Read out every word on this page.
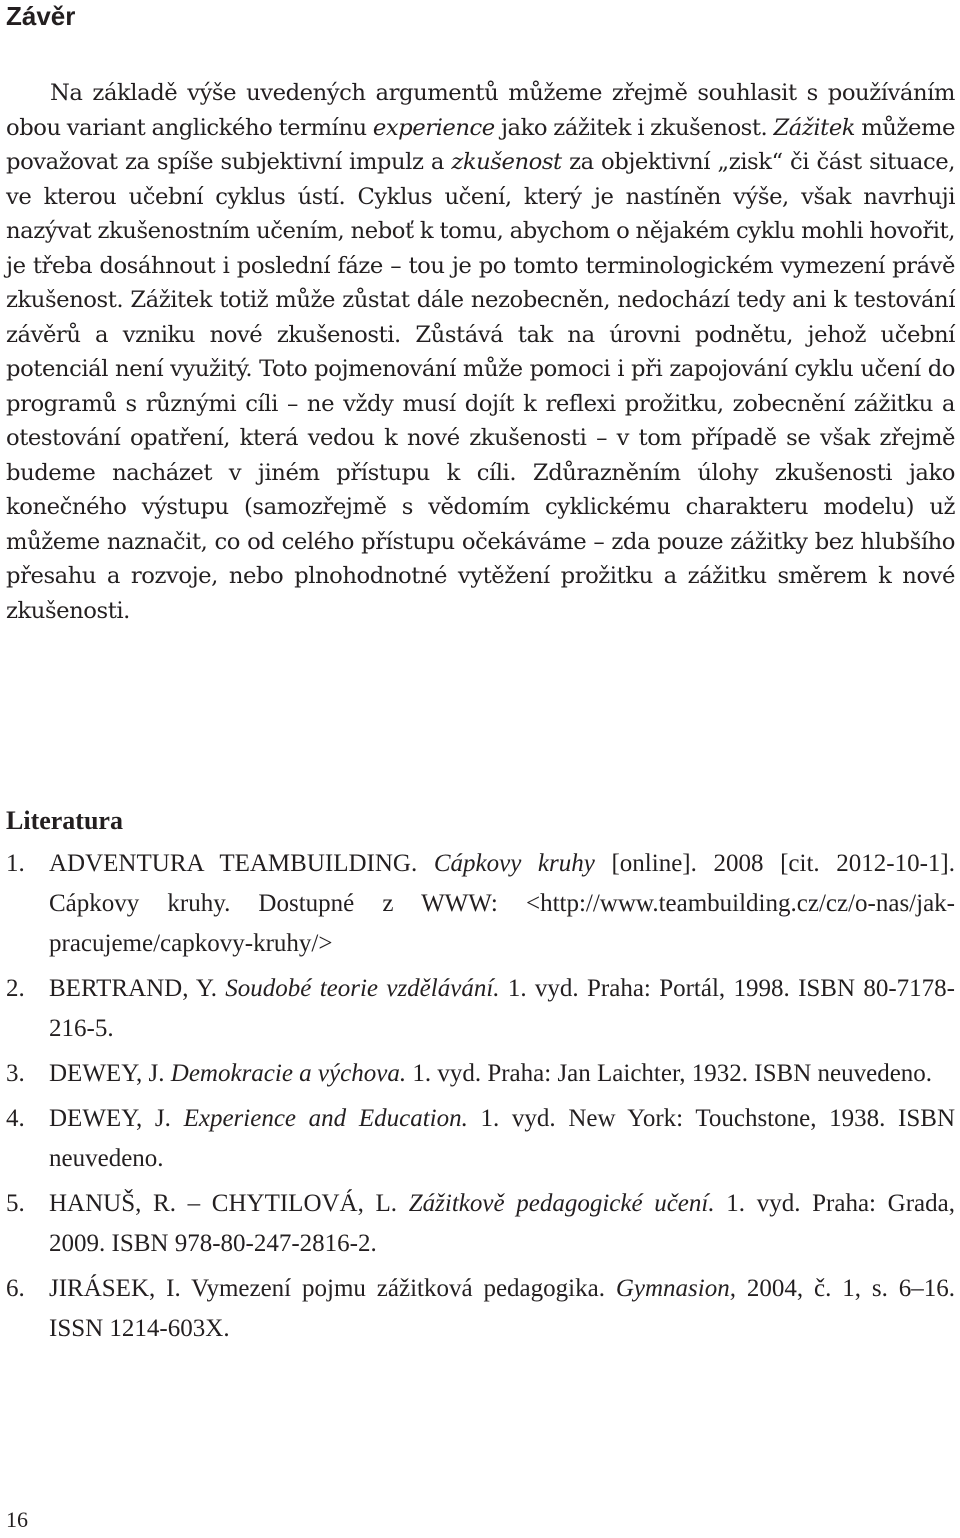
Závěr

Na základě výše uvedených argumentů můžeme zřejmě souhlasit s používáním obou variant anglického termínu experience jako zážitek i zkušenost. Zážitek můžeme považovat za spíše subjektivní impulz a zkušenost za objektivní „zisk“ či část situace, ve kterou učební cyklus ústí. Cyklus učení, který je nastíněn výše, však navrhuji nazývat zkušenostním učením, neboť k tomu, abychom o nějakém cyklu mohli hovořit, je třeba dosáhnout i poslední fáze – tou je po tomto terminologickém vymezení právě zkušenost. Zážitek totiž může zůstat dále nezobecněn, nedochází tedy ani k testování závěrů a vzniku nové zkušenosti. Zůstává tak na úrovni podnětu, jehož učební potenciál není využitý. Toto pojmenování může pomoci i při zapojování cyklu učení do programů s různými cíli – ne vždy musí dojít k reflexi prožitku, zobecnění zážitku a otestování opatření, která vedou k nové zkušenosti – v tom případě se však zřejmě budeme nacházet v jiném přístupu k cíli. Zdůrazněním úlohy zkušenosti jako konečného výstupu (samozřejmě s vědomím cyklickému charakteru modelu) už můžeme naznačit, co od celého přístupu očekáváme – zda pouze zážitky bez hlubšího přesahu a rozvoje, nebo plnohodnotné vytěžení prožitku a zážitku směrem k nové zkušenosti.

Literatura
1. ADVENTURA TEAMBUILDING. Cápkovy kruhy [online]. 2008 [cit. 2012-10-1]. Cápkovy kruhy. Dostupné z WWW: <http://www.teambuilding.cz/cz/o-nas/jak-pracujeme/capkovy-kruhy/>
2. BERTRAND, Y. Soudobé teorie vzdělávání. 1. vyd. Praha: Portál, 1998. ISBN 80-7178-216-5.
3. DEWEY, J. Demokracie a výchova. 1. vyd. Praha: Jan Laichter, 1932. ISBN neuvedeno.
4. DEWEY, J. Experience and Education. 1. vyd. New York: Touchstone, 1938. ISBN neuvedeno.
5. HANUŠ, R. – CHYTILOVÁ, L. Zážitkově pedagogické učení. 1. vyd. Praha: Grada, 2009. ISBN 978-80-247-2816-2.
6. JIRÁSEK, I. Vymezení pojmu zážitková pedagogika. Gymnasion, 2004, č. 1, s. 6–16. ISSN 1214-603X.
16
